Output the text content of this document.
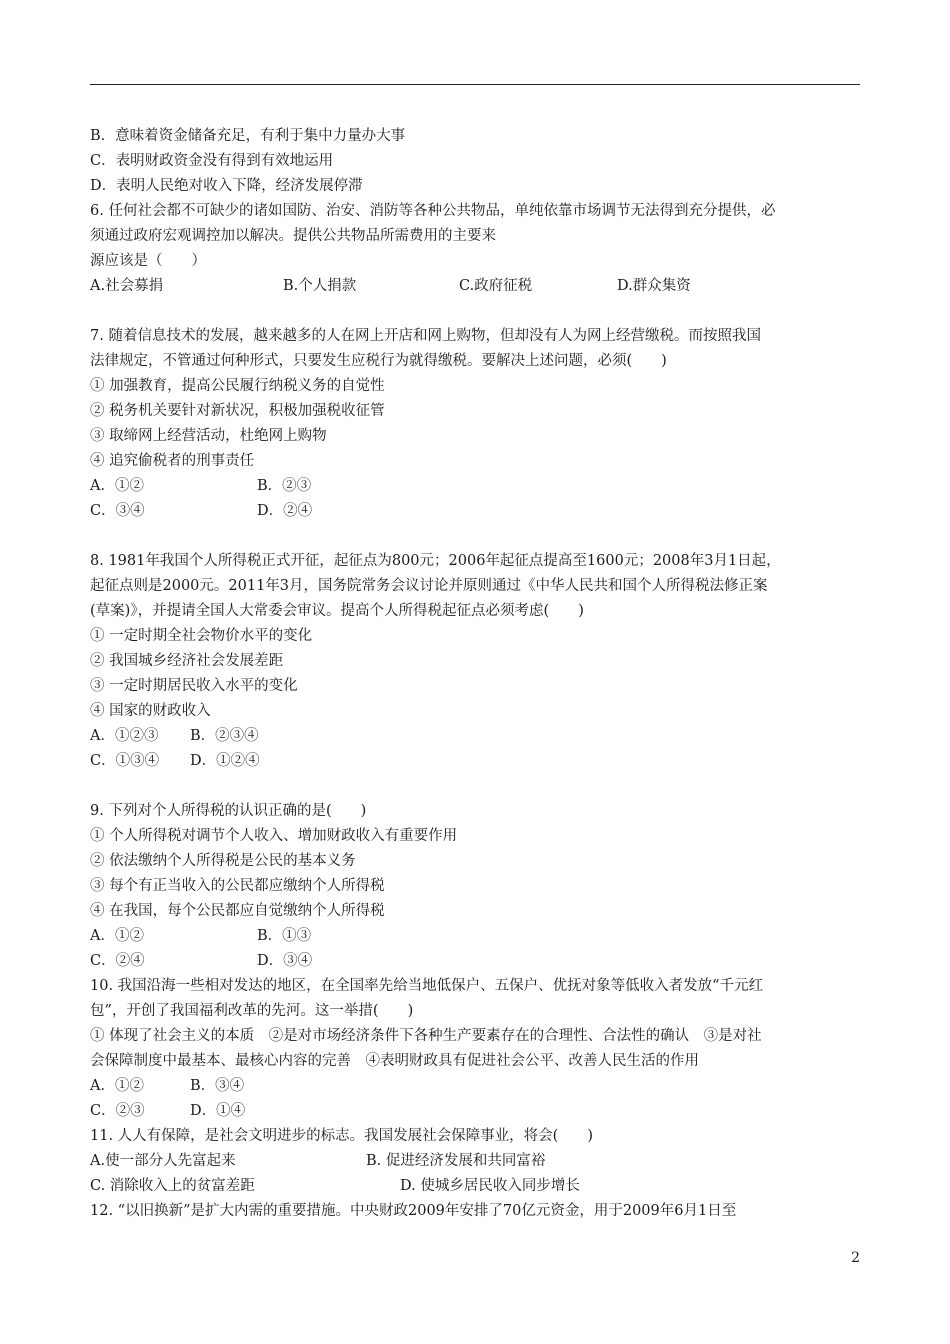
B．意味着资金储备充足，有利于集中力量办大事
C．表明财政资金没有得到有效地运用
D．表明人民绝对收入下降，经济发展停滞
6. 任何社会都不可缺少的诸如国防、治安、消防等各种公共物品，单纯依靠市场调节无法得到充分提供，必
须通过政府宏观调控加以解决。提供公共物品所需费用的主要来
源应该是（　　）
A.社会募捐	B.个人捐款	C.政府征税	D.群众集资
7. 随着信息技术的发展，越来越多的人在网上开店和网上购物，但却没有人为网上经营缴税。而按照我国
法律规定，不管通过何种形式，只要发生应税行为就得缴税。要解决上述问题，必须(　　)
① 加强教育，提高公民履行纳税义务的自觉性
② 税务机关要针对新状况，积极加强税收征管
③ 取缔网上经营活动，杜绝网上购物
④ 追究偷税者的刑事责任
A．①②	B．②③
C．③④	D．②④
8. 1981年我国个人所得税正式开征，起征点为800元；2006年起征点提高至1600元；2008年3月1日起，
起征点则是2000元。2011年3月，国务院常务会议讨论并原则通过《中华人民共和国个人所得税法修正案
(草案)》，并提请全国人大常委会审议。提高个人所得税起征点必须考虑(　　)
① 一定时期全社会物价水平的变化
② 我国城乡经济社会发展差距
③ 一定时期居民收入水平的变化
④ 国家的财政收入
A．①②③	B．②③④
C．①③④	D．①②④
9. 下列对个人所得税的认识正确的是(　　)
① 个人所得税对调节个人收入、增加财政收入有重要作用
② 依法缴纳个人所得税是公民的基本义务
③ 每个有正当收入的公民都应缴纳个人所得税
④ 在我国，每个公民都应自觉缴纳个人所得税
A．①②	B．①③
C．②④	D．③④
10. 我国沿海一些相对发达的地区，在全国率先给当地低保户、五保户、优抚对象等低收入者发放“千元红
包”，开创了我国福利改革的先河。这一举措(　　)
① 体现了社会主义的本质　②是对市场经济条件下各种生产要素存在的合理性、合法性的确认　③是对社
会保障制度中最基本、最核心内容的完善　④表明财政具有促进社会公平、改善人民生活的作用
A．①②	B．③④
C．②③	D．①④
11. 人人有保障，是社会文明进步的标志。我国发展社会保障事业，将会(　　)
A.使一部分人先富起来	B. 促进经济发展和共同富裕
C. 消除收入上的贫富差距	D. 使城乡居民收入同步增长
12. “以旧换新”是扩大内需的重要措施。中央财政2009年安排了70亿元资金，用于2009年6月1日至
2
